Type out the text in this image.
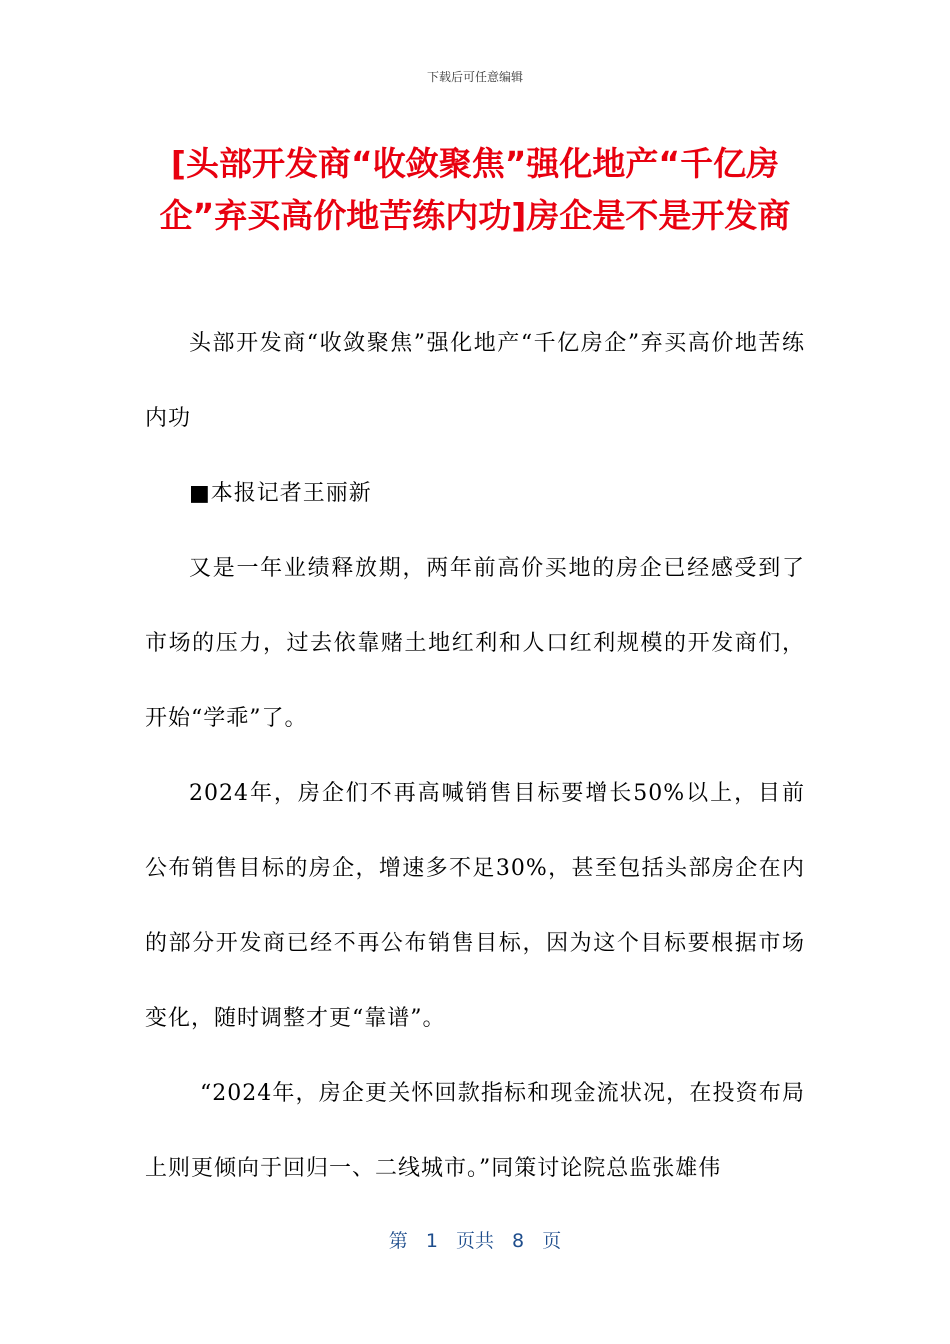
下载后可任意编辑
[头部开发商“收敛聚焦”强化地产“千亿房企”弃买高价地苦练内功]房企是不是开发商

头部开发商“收敛聚焦”强化地产“千亿房企”弃买高价地苦练内功

■本报记者王丽新

又是一年业绩释放期，两年前高价买地的房企已经感受到了市场的压力，过去依靠赌土地红利和人口红利规模的开发商们，开始“学乖”了。

2024年，房企们不再高喊销售目标要增长50%以上，目前公布销售目标的房企，增速多不足30%，甚至包括头部房企在内的部分开发商已经不再公布销售目标，因为这个目标要根据市场变化，随时调整才更“靠谱”。

“2024年，房企更关怀回款指标和现金流状况，在投资布局上则更倾向于回归一、二线城市。”同策讨论院总监张雄伟

第 1 页共 8 页
